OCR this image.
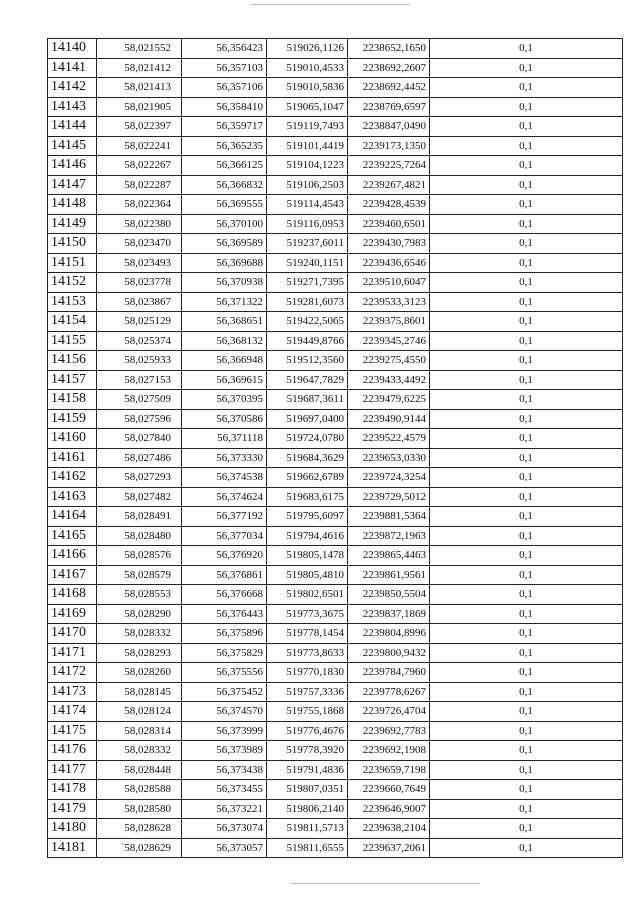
14140	58,021552	56,356423	519026,1126	2238652,1650	0,1
14141	58,021412	56,357103	519010,4533	2238692,2607	0,1
14142	58,021413	56,357106	519010,5836	2238692,4452	0,1
14143	58,021905	56,358410	519065,1047	2238769,6597	0,1
14144	58,022397	56,359717	519119,7493	2238847,0490	0,1
14145	58,022241	56,365235	519101,4419	2239173,1350	0,1
14146	58,022267	56,366125	519104,1223	2239225,7264	0,1
14147	58,022287	56,366832	519106,2503	2239267,4821	0,1
14148	58,022364	56,369555	519114,4543	2239428,4539	0,1
14149	58,022380	56,370100	519116,0953	2239460,6501	0,1
14150	58,023470	56,369589	519237,6011	2239430,7983	0,1
14151	58,023493	56,369688	519240,1151	2239436,6546	0,1
14152	58,023778	56,370938	519271,7395	2239510,6047	0,1
14153	58,023867	56,371322	519281,6073	2239533,3123	0,1
14154	58,025129	56,368651	519422,5065	2239375,8601	0,1
14155	58,025374	56,368132	519449,8766	2239345,2746	0,1
14156	58,025933	56,366948	519512,3560	2239275,4550	0,1
14157	58,027153	56,369615	519647,7829	2239433,4492	0,1
14158	58,027509	56,370395	519687,3611	2239479,6225	0,1
14159	58,027596	56,370586	519697,0400	2239490,9144	0,1
14160	58,027840	56,371118	519724,0780	2239522,4579	0,1
14161	58,027486	56,373330	519684,3629	2239653,0330	0,1
14162	58,027293	56,374538	519662,6789	2239724,3254	0,1
14163	58,027482	56,374624	519683,6175	2239729,5012	0,1
14164	58,028491	56,377192	519795,6097	2239881,5364	0,1
14165	58,028480	56,377034	519794,4616	2239872,1963	0,1
14166	58,028576	56,376920	519805,1478	2239865,4463	0,1
14167	58,028579	56,376861	519805,4810	2239861,9561	0,1
14168	58,028553	56,376668	519802,6501	2239850,5504	0,1
14169	58,028290	56,376443	519773,3675	2239837,1869	0,1
14170	58,028332	56,375896	519778,1454	2239804,8996	0,1
14171	58,028293	56,375829	519773,8633	2239800,9432	0,1
14172	58,028260	56,375556	519770,1830	2239784,7960	0,1
14173	58,028145	56,375452	519757,3336	2239778,6267	0,1
14174	58,028124	56,374570	519755,1868	2239726,4704	0,1
14175	58,028314	56,373999	519776,4676	2239692,7783	0,1
14176	58,028332	56,373989	519778,3920	2239692,1908	0,1
14177	58,028448	56,373438	519791,4836	2239659,7198	0,1
14178	58,028588	56,373455	519807,0351	2239660,7649	0,1
14179	58,028580	56,373221	519806,2140	2239646,9007	0,1
14180	58,028628	56,373074	519811,5713	2239638,2104	0,1
14181	`58,028629	56,373057	519811,6555	2239637,2061	0,1
